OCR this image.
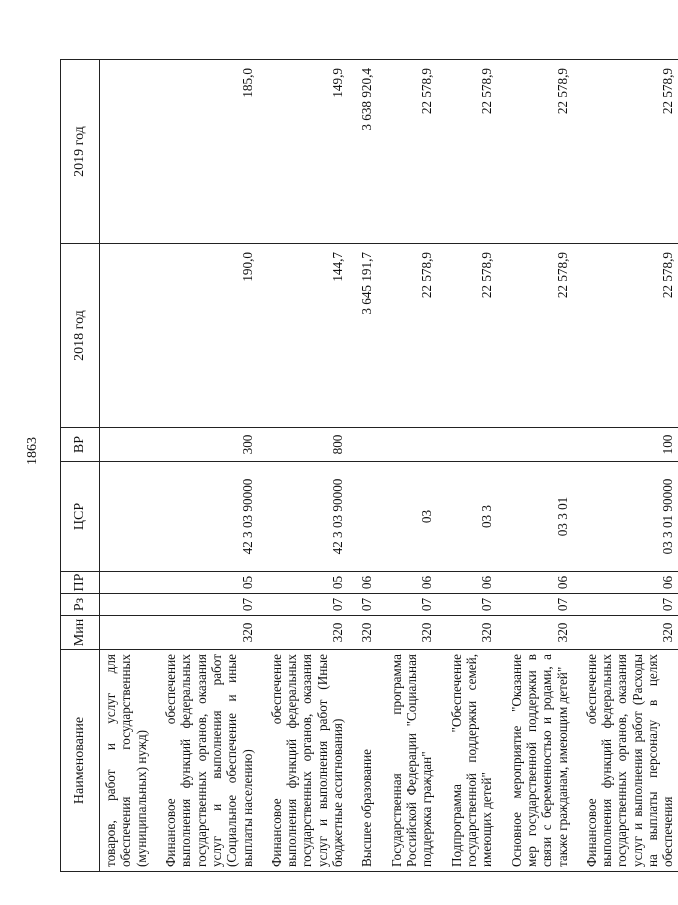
1863
Наименование	Мин	Рз	ПР	ЦСР	ВР	2018 год	2019 год
товаров, работ и услуг для обеспечения государственных (муниципальных) нужд)							
Финансовое обеспечение выполнения функций федеральных государственных органов, оказания услуг и выполнения работ (Социальное обеспечение и иные выплаты населению)	320	07	05	42 3 03 90000	300	190,0	185,0
Финансовое обеспечение выполнения функций федеральных государственных органов, оказания услуг и выполнения работ (Иные бюджетные ассигнования)	320	07	05	42 3 03 90000	800	144,7	149,9
Высшее образование	320	07	06			3 645 191,7	3 638 920,4
Государственная программа Российской Федерации "Социальная поддержка граждан"	320	07	06	03		22 578,9	22 578,9
Подпрограмма "Обеспечение государственной поддержки семей, имеющих детей"	320	07	06	03 3		22 578,9	22 578,9
Основное мероприятие "Оказание мер государственной поддержки в связи с беременностью и родами, а также гражданам, имеющим детей"	320	07	06	03 3 01		22 578,9	22 578,9
Финансовое обеспечение выполнения функций федеральных государственных органов, оказания услуг и выполнения работ (Расходы на выплаты персоналу в целях обеспечения	320	07	06	03 3 01 90000	100	22 578,9	22 578,9
